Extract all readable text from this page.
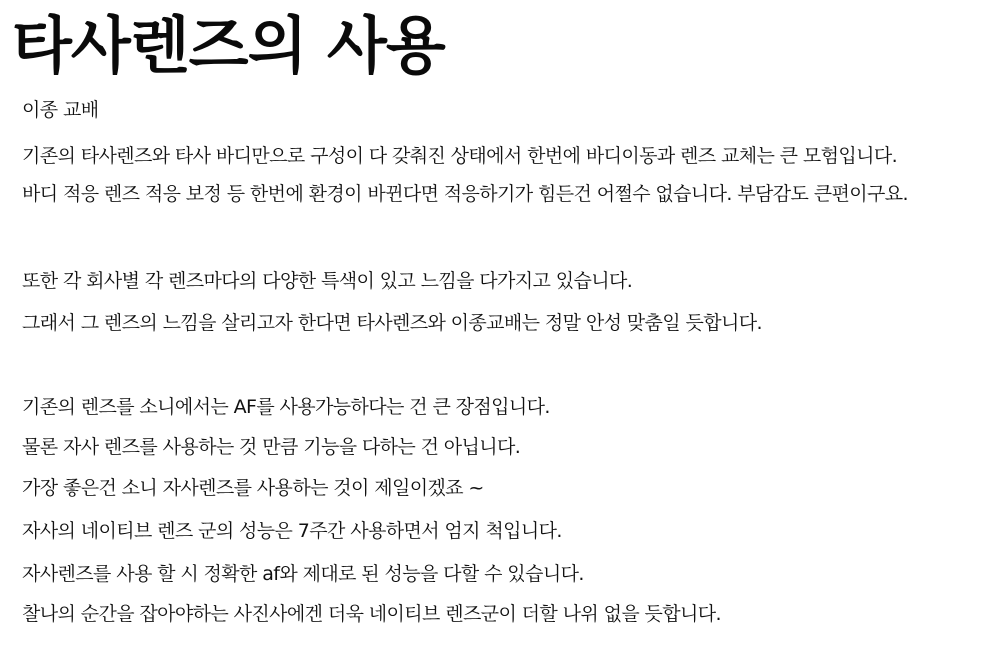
타사렌즈의 사용

이종 교배

기존의 타사렌즈와 타사 바디만으로 구성이 다 갖춰진 상태에서 한번에 바디이동과 렌즈 교체는 큰 모험입니다.

바디 적응 렌즈 적응 보정 등 한번에 환경이 바뀐다면 적응하기가 힘든건 어쩔수 없습니다. 부담감도 큰편이구요.

또한 각 회사별 각 렌즈마다의 다양한 특색이 있고 느낌을 다가지고 있습니다.

그래서 그 렌즈의 느낌을 살리고자 한다면 타사렌즈와 이종교배는 정말 안성 맞춤일 듯합니다.

기존의 렌즈를 소니에서는 AF를 사용가능하다는 건 큰 장점입니다.

물론 자사 렌즈를 사용하는 것 만큼 기능을 다하는 건 아닙니다.

가장 좋은건 소니 자사렌즈를 사용하는 것이 제일이겠죠 ~

자사의 네이티브 렌즈 군의 성능은 7주간 사용하면서 엄지 척입니다.

자사렌즈를 사용 할 시 정확한 af와 제대로 된 성능을 다할 수 있습니다.

찰나의 순간을 잡아야하는 사진사에겐 더욱 네이티브 렌즈군이 더할 나위 없을 듯합니다.
